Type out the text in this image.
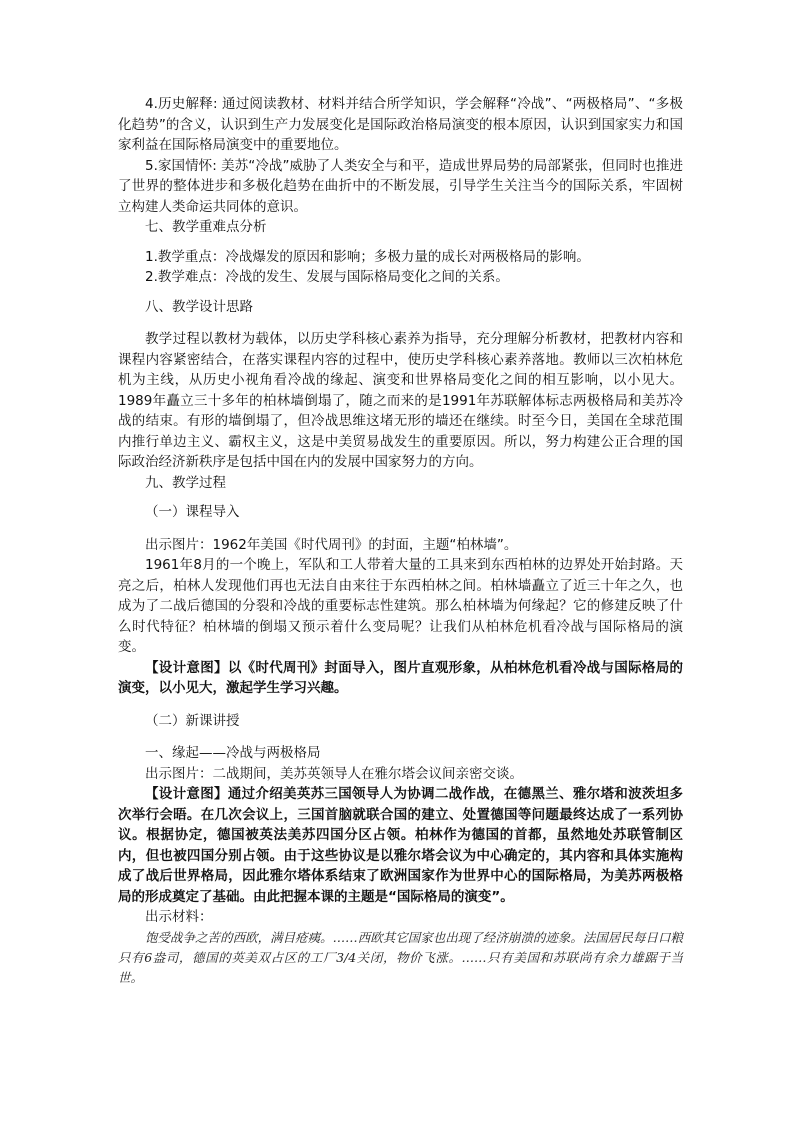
4.历史解释: 通过阅读教材、材料并结合所学知识，学会解释“冷战”、“两极格局”、“多极化趋势”的含义，认识到生产力发展变化是国际政治格局演变的根本原因，认识到国家实力和国家利益在国际格局演变中的重要地位。

5.家国情怀: 美苏“冷战”威胁了人类安全与和平，造成世界局势的局部紧张，但同时也推进了世界的整体进步和多极化趋势在曲折中的不断发展，引导学生关注当今的国际关系，牢固树立构建人类命运共同体的意识。

七、教学重难点分析

1.教学重点：冷战爆发的原因和影响；多极力量的成长对两极格局的影响。

2.教学难点：冷战的发生、发展与国际格局变化之间的关系。

八、教学设计思路

教学过程以教材为载体，以历史学科核心素养为指导，充分理解分析教材，把教材内容和课程内容紧密结合，在落实课程内容的过程中，使历史学科核心素养落地。教师以三次柏林危机为主线，从历史小视角看冷战的缘起、演变和世界格局变化之间的相互影响，以小见大。1989年矗立三十多年的柏林墙倒塌了，随之而来的是1991年苏联解体标志两极格局和美苏冷战的结束。有形的墙倒塌了，但冷战思维这堵无形的墙还在继续。时至今日，美国在全球范围内推行单边主义、霸权主义，这是中美贸易战发生的重要原因。所以，努力构建公正合理的国际政治经济新秩序是包括中国在内的发展中国家努力的方向。

九、教学过程

（一）课程导入

出示图片：1962年美国《时代周刊》的封面，主题“柏林墙”。

1961年8月的一个晚上，军队和工人带着大量的工具来到东西柏林的边界处开始封路。天亮之后，柏林人发现他们再也无法自由来往于东西柏林之间。柏林墙矗立了近三十年之久，也成为了二战后德国的分裂和冷战的重要标志性建筑。那么柏林墙为何缘起？它的修建反映了什么时代特征？柏林墙的倒塌又预示着什么变局呢？让我们从柏林危机看冷战与国际格局的演变。

【设计意图】以《时代周刊》封面导入，图片直观形象，从柏林危机看冷战与国际格局的演变，以小见大，激起学生学习兴趣。

（二）新课讲授

一、缘起——冷战与两极格局

出示图片：二战期间，美苏英领导人在雅尔塔会议间亲密交谈。

【设计意图】通过介绍美英苏三国领导人为协调二战作战，在德黑兰、雅尔塔和波茨坦多次举行会晤。在几次会议上，三国首脑就联合国的建立、处置德国等问题最终达成了一系列协议。根据协定，德国被英法美苏四国分区占领。柏林作为德国的首都，虽然地处苏联管制区内，但也被四国分别占领。由于这些协议是以雅尔塔会议为中心确定的，其内容和具体实施构成了战后世界格局，因此雅尔塔体系结束了欧洲国家作为世界中心的国际格局，为美苏两极格局的形成奠定了基础。由此把握本课的主题是“国际格局的演变”。

出示材料：

饱受战争之苦的西欧，满目疮痍。……西欧其它国家也出现了经济崩溃的迹象。法国居民每日口粮只有6盎司，德国的英美双占区的工厂3/4关闭，物价飞涨。……只有美国和苏联尚有余力雄踞于当世。
